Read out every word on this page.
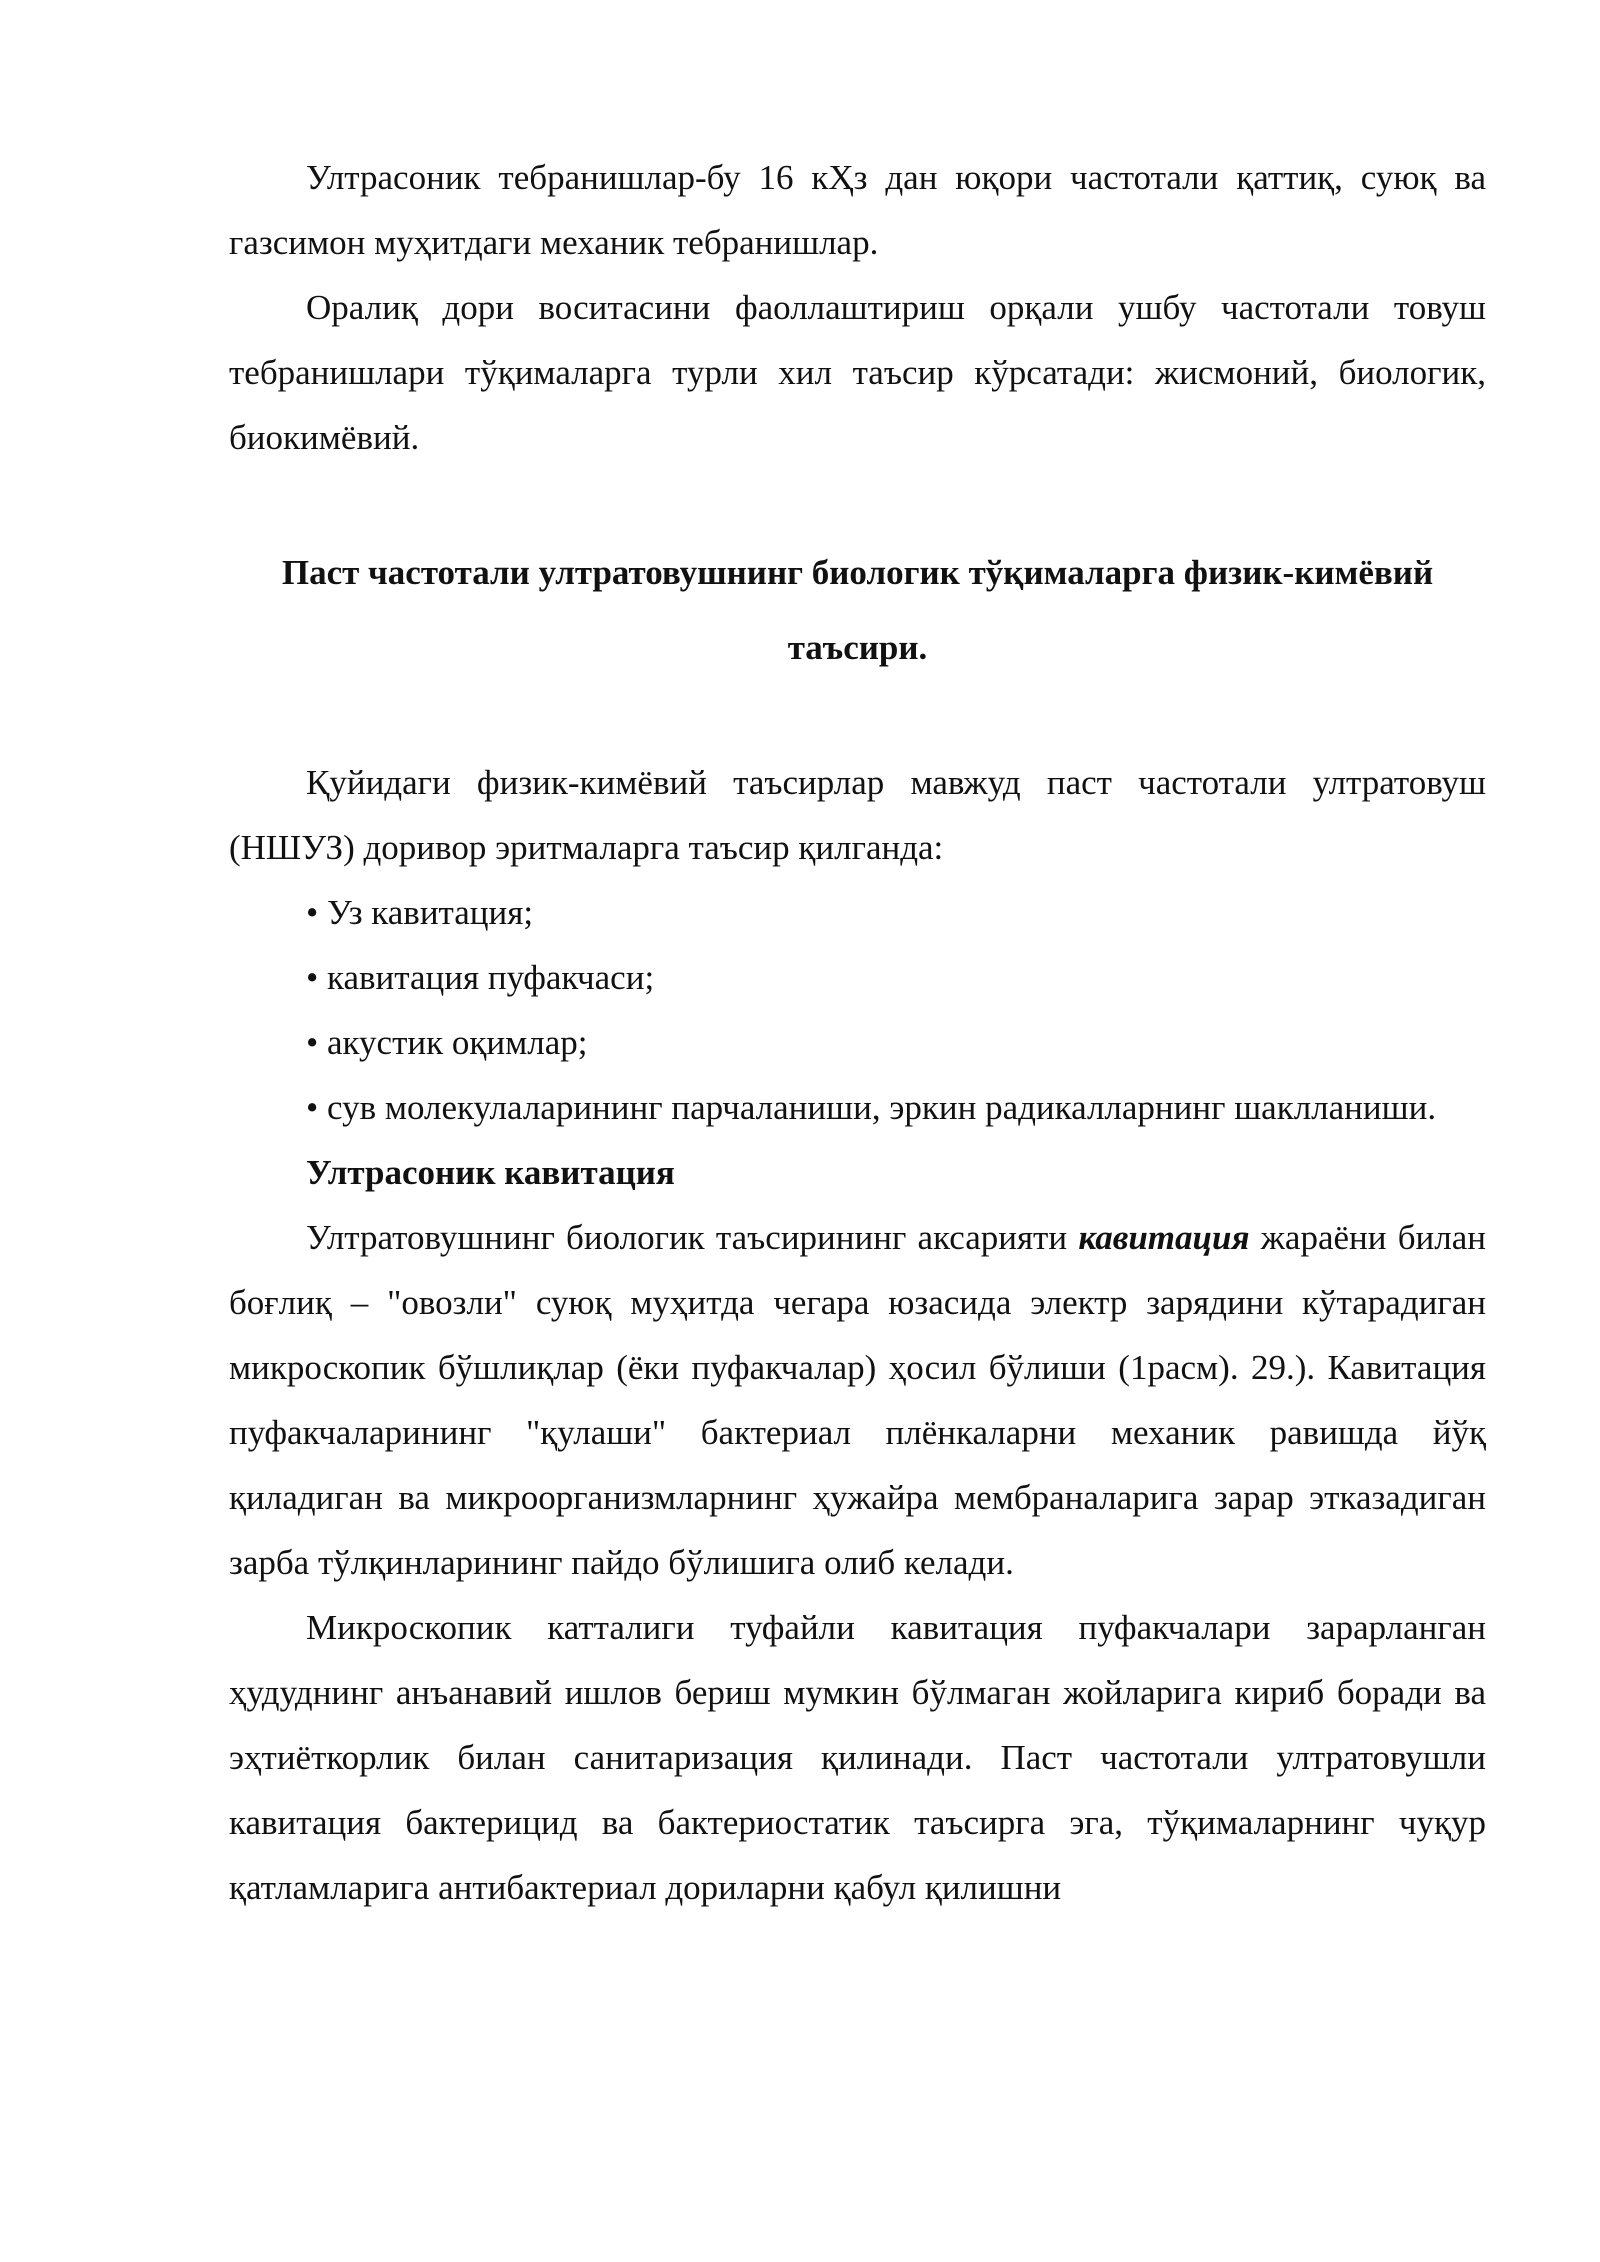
Ултрасоник тебранишлар-бу 16 кҲз дан юқори частотали қаттиқ, суюқ ва газсимон муҳитдаги механик тебранишлар.

Оралиқ дори воситасини фаоллаштириш орқали ушбу частотали товуш тебранишлари тўқималарга турли хил таъсир кўрсатади: жисмоний, биологик, биокимёвий.

Паст частотали ултратовушнинг биологик тўқималарга физик-кимёвий таъсири.

Қуйидаги физик-кимёвий таъсирлар мавжуд паст частотали ултратовуш (НШУЗ) доривор эритмаларга таъсир қилганда:

• Уз кавитация;

• кавитация пуфакчаси;

• акустик оқимлар;

• сув молекулаларининг парчаланиши, эркин радикалларнинг шаклланиши.

Ултрасоник кавитация

Ултратовушнинг биологик таъсирининг аксарияти кавитация жараёни билан боғлиқ – "овозли" суюқ муҳитда чегара юзасида электр зарядини кўтарадиган микроскопик бўшлиқлар (ёки пуфакчалар) ҳосил бўлиши (1расм). 29.). Кавитация пуфакчаларининг "қулаши" бактериал плёнкаларни механик равишда йўқ қиладиган ва микроорганизмларнинг ҳужайра мембраналарига зарар этказадиган зарба тўлқинларининг пайдо бўлишига олиб келади.

Микроскопик катталиги туфайли кавитация пуфакчалари зарарланган ҳудуднинг анъанавий ишлов бериш мумкин бўлмаган жойларига кириб боради ва эҳтиёткорлик билан санитаризация қилинади. Паст частотали ултратовушли кавитация бактерицид ва бактериостатик таъсирга эга, тўқималарнинг чуқур қатламларига антибактериал дориларни қабул қилишни
